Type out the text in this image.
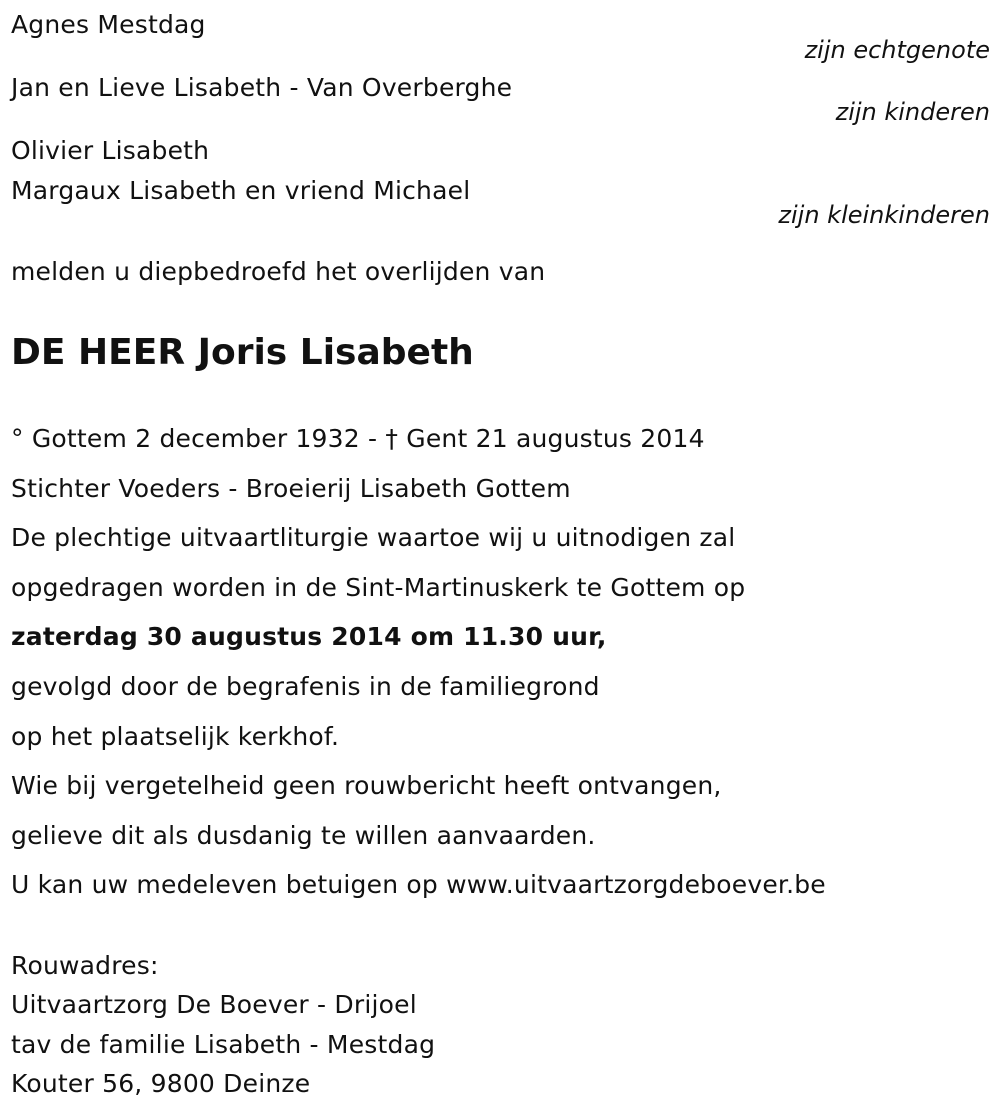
Agnes Mestdag
zijn echtgenote
Jan en Lieve Lisabeth - Van Overberghe
zijn kinderen
Olivier Lisabeth
Margaux Lisabeth en vriend Michael
zijn kleinkinderen
melden u diepbedroefd het overlijden van
DE HEER Joris Lisabeth
° Gottem 2 december 1932 - † Gent 21 augustus 2014
Stichter Voeders - Broeierij Lisabeth Gottem
De plechtige uitvaartliturgie waartoe wij u uitnodigen zal
opgedragen worden in de Sint-Martinuskerk te Gottem op
zaterdag 30 augustus 2014 om 11.30 uur,
gevolgd door de begrafenis in de familiegrond
op het plaatselijk kerkhof.
Wie bij vergetelheid geen rouwbericht heeft ontvangen,
gelieve dit als dusdanig te willen aanvaarden.
U kan uw medeleven betuigen op www.uitvaartzorgdeboever.be
Rouwadres:
Uitvaartzorg De Boever - Drijoel
tav de familie Lisabeth - Mestdag
Kouter 56, 9800 Deinze
